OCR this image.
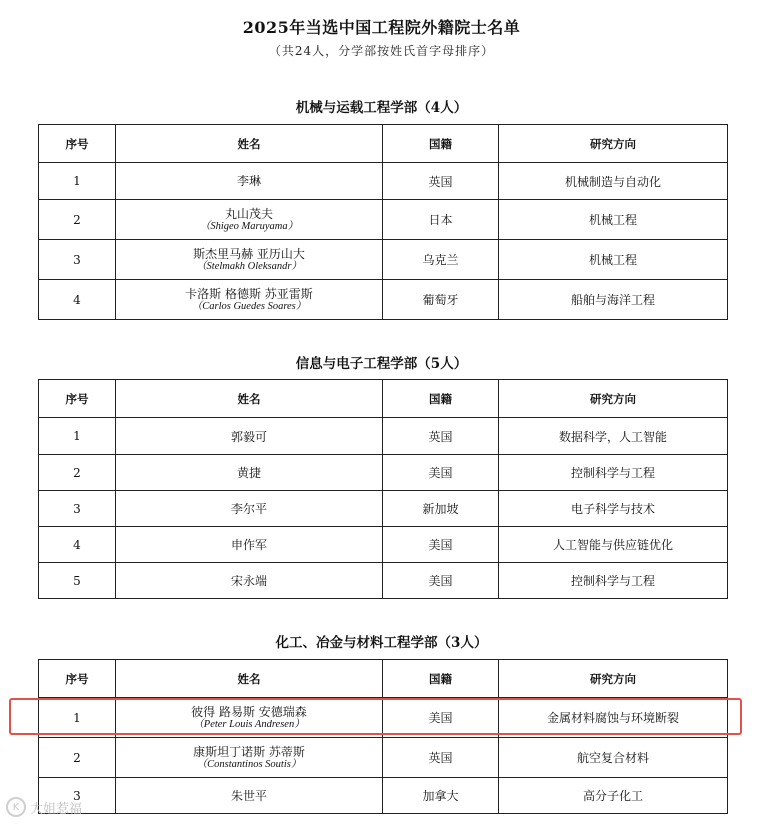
2025年当选中国工程院外籍院士名单
（共24人，分学部按姓氏首字母排序）
机械与运载工程学部（4人）
序号	姓名	国籍	研究方向
1	李琳	英国	机械制造与自动化
2	丸山茂夫
（Shigeo Maruyama）	日本	机械工程
3	斯杰里马赫 亚历山大
（Stelmakh Oleksandr）	乌克兰	机械工程
4	卡洛斯 格德斯 苏亚雷斯
（Carlos Guedes Soares）	葡萄牙	船舶与海洋工程
信息与电子工程学部（5人）
序号	姓名	国籍	研究方向
1	郭毅可	英国	数据科学，人工智能
2	黄捷	美国	控制科学与工程
3	李尔平	新加坡	电子科学与技术
4	申作军	美国	人工智能与供应链优化
5	宋永端	美国	控制科学与工程
化工、冶金与材料工程学部（3人）
序号	姓名	国籍	研究方向
1	彼得 路易斯 安德瑞森
（Peter Louis Andresen）	美国	金属材料腐蚀与环境断裂
2	康斯坦丁诺斯 苏蒂斯
（Constantinos Soutis）	英国	航空复合材料
3	朱世平	加拿大	高分子化工
K 大姐惹福
